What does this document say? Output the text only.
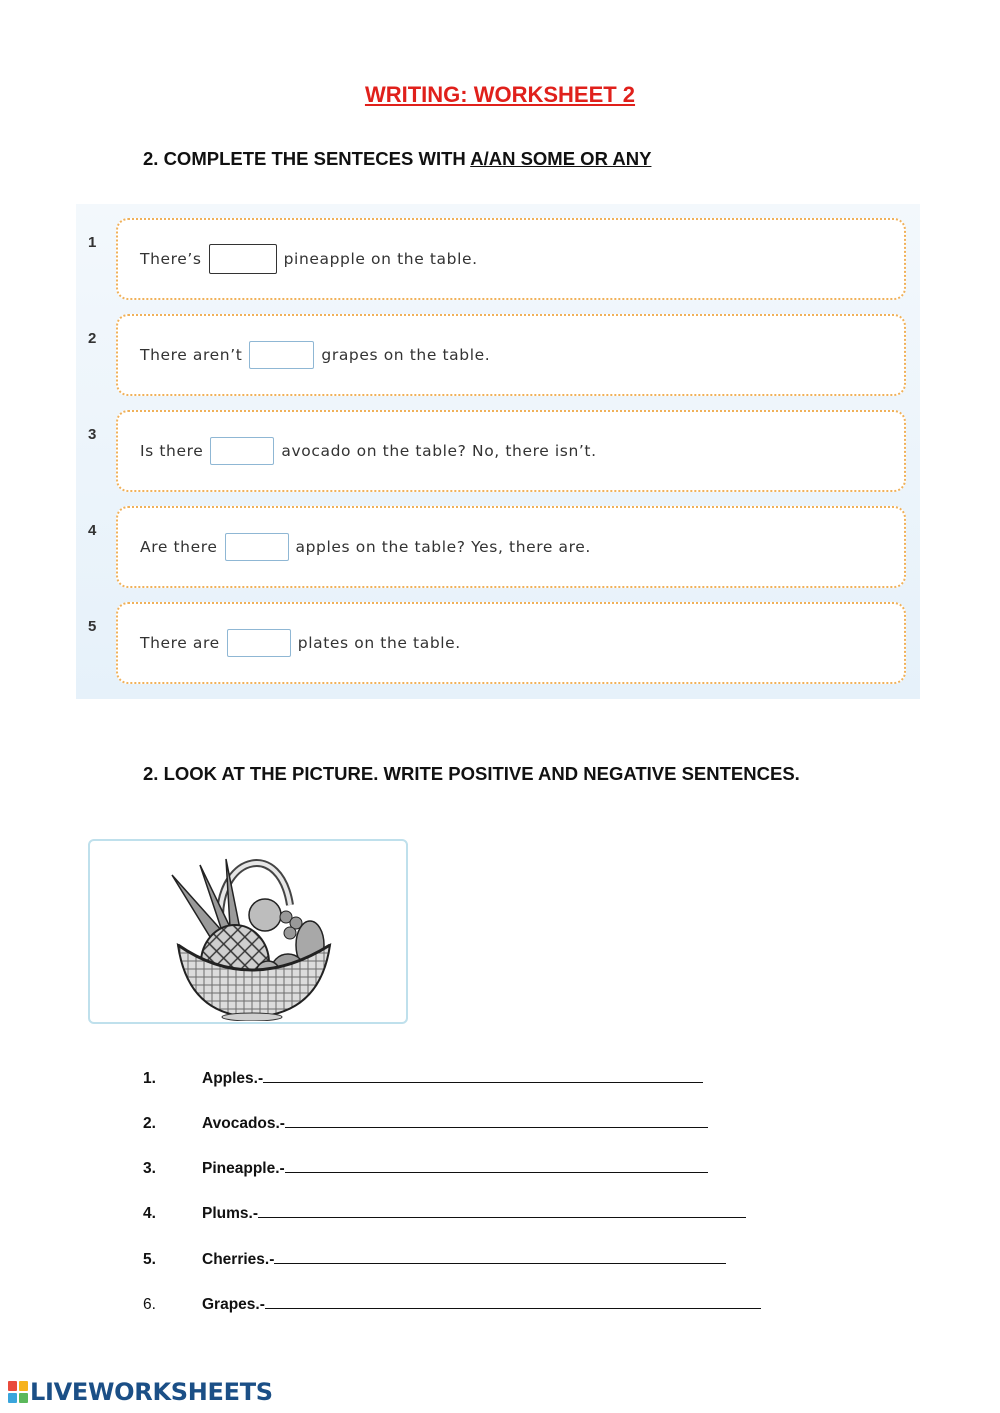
WRITING: WORKSHEET 2
2. COMPLETE THE SENTECES WITH A/AN SOME OR ANY
1
There’s	pineapple on the table.
2
There aren’t	grapes on the table.
3
Is there	avocado on the table? No, there isn’t.
4
Are there	apples on the table? Yes, there are.
5
There are	plates on the table.
2. LOOK AT THE PICTURE. WRITE POSITIVE AND NEGATIVE SENTENCES.
1.	Apples.-
2.	Avocados.-
3.	Pineapple.-
4.	Plums.-
5.	Cherries.-
6.	Grapes.-
LIVEWORKSHEETS
